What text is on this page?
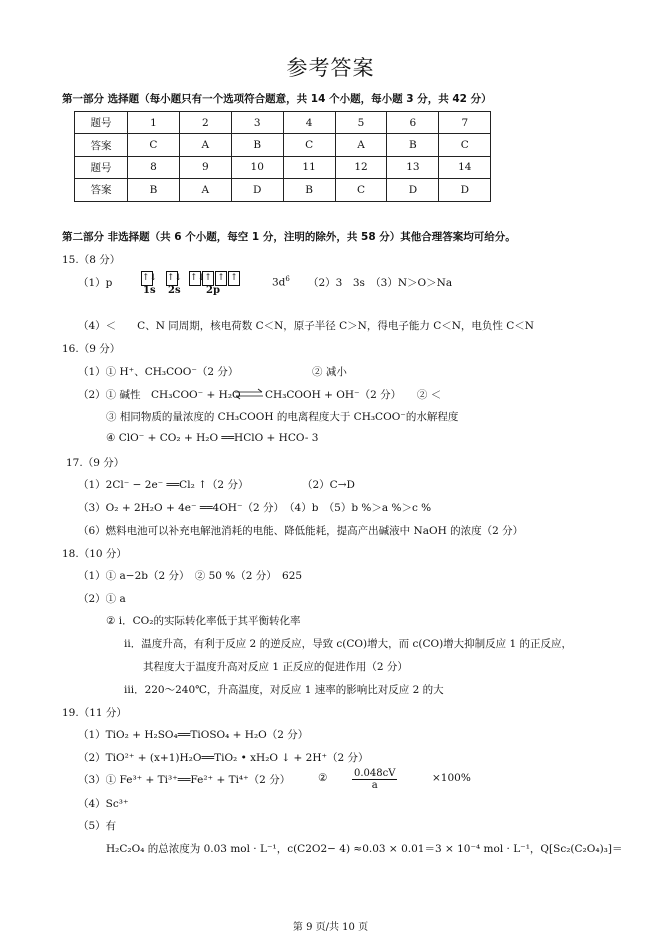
参考答案
第一部分 选择题（每小题只有一个选项符合题意，共 14 个小题，每小题 3 分，共 42 分）
题号	1	2	3	4	5	6	7
答案	C	A	B	C	A	B	C
题号	8	9	10	11	12	13	14
答案	B	A	D	B	C	D	D
第二部分 非选择题（共 6 个小题，每空 1 分，注明的除外，共 58 分）其他合理答案均可给分。
15.（8 分）
（1）p	↑↓ ↑↓ ↑↓ ↑ ↑ ↑
1s 2s	2p
$3d^6$ （2）3　3s　（3）N＞O＞Na
（4）＜　　C、N 同周期，核电荷数 C＜N，原子半径 C＞N，得电子能力 C＜N，电负性 C＜N
16.（9 分）
（1）① H⁺、CH₃COO⁻（2 分）	② 减小
（2）① 碱性　CH₃COO⁻ + H₂O ⇌ CH₃COOH + OH⁻（2 分）　　② ＜
③ 相同物质的量浓度的 CH₃COOH 的电离程度大于 CH₃COO⁻的水解程度
④ ClO⁻ + CO₂ + H₂O ══HClO + HCO- 3
17.（9 分）
（1）2Cl⁻ − 2e⁻ ══Cl₂ ↑（2 分）	（2）C→D
（3）O₂ + 2H₂O + 4e⁻ ══4OH⁻（2 分）　（4）b　（5）b %＞a %＞c %
（6）燃料电池可以补充电解池消耗的电能、降低能耗，提高产出碱液中 NaOH 的浓度（2 分）
18.（10 分）
（1）① a−2b（2 分）　② 50 %（2 分）　625
（2）① a
② i．CO₂的实际转化率低于其平衡转化率
ii．温度升高，有利于反应 2 的逆反应，导致 c(CO)增大，而 c(CO)增大抑制反应 1 的正反应，
其程度大于温度升高对反应 1 正反应的促进作用（2 分）
iii．220～240℃，升高温度，对反应 1 速率的影响比对反应 2 的大
19.（11 分）
（1）TiO₂ + H₂SO₄══TiOSO₄ + H₂O（2 分）
（2）TiO²⁺ + (x+1)H₂O══TiO₂ • xH₂O ↓ + 2H⁺（2 分）
（3）① Fe³⁺ + Ti³⁺══Fe²⁺ + Ti⁴⁺（2 分）	② $\frac{0.048cV}{a}$	×100%
（4）Sc³⁺
（5）有
H₂C₂O₄ 的总浓度为 0.03 mol · L⁻¹，c(C2O2− 4) ≈0.03 × 0.01＝3 × 10⁻⁴ mol · L⁻¹，Q[Sc₂(C₂O₄)₃]＝
第 9 页/共 10 页
